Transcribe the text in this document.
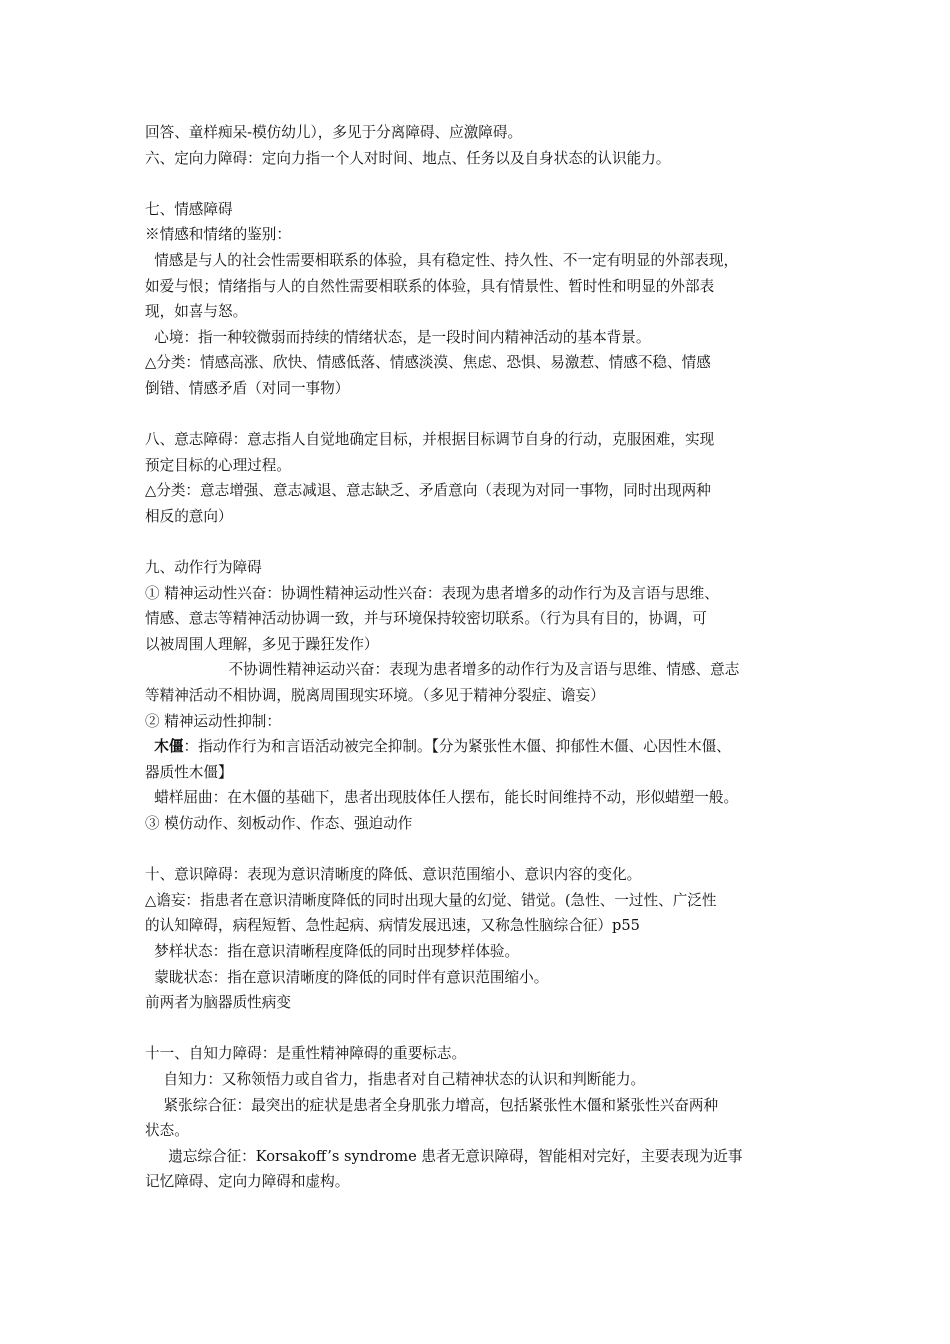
回答、童样痴呆-模仿幼儿），多见于分离障碍、应激障碍。
六、定向力障碍：定向力指一个人对时间、地点、任务以及自身状态的认识能力。
七、情感障碍
※情感和情绪的鉴别：
情感是与人的社会性需要相联系的体验，具有稳定性、持久性、不一定有明显的外部表现，
如爱与恨；情绪指与人的自然性需要相联系的体验，具有情景性、暂时性和明显的外部表
现，如喜与怒。
心境：指一种较微弱而持续的情绪状态，是一段时间内精神活动的基本背景。
△分类：情感高涨、欣快、情感低落、情感淡漠、焦虑、恐惧、易激惹、情感不稳、情感
倒错、情感矛盾（对同一事物）
八、意志障碍：意志指人自觉地确定目标，并根据目标调节自身的行动，克服困难，实现
预定目标的心理过程。
△分类：意志增强、意志减退、意志缺乏、矛盾意向（表现为对同一事物，同时出现两种
相反的意向）
九、动作行为障碍
① 精神运动性兴奋：协调性精神运动性兴奋：表现为患者增多的动作行为及言语与思维、
情感、意志等精神活动协调一致，并与环境保持较密切联系。（行为具有目的，协调，可
以被周围人理解，多见于躁狂发作）
不协调性精神运动兴奋：表现为患者增多的动作行为及言语与思维、情感、意志
等精神活动不相协调，脱离周围现实环境。（多见于精神分裂症、谵妄）
② 精神运动性抑制：
木僵：指动作行为和言语活动被完全抑制。【分为紧张性木僵、抑郁性木僵、心因性木僵、
器质性木僵】
蜡样屈曲：在木僵的基础下，患者出现肢体任人摆布，能长时间维持不动，形似蜡塑一般。
③ 模仿动作、刻板动作、作态、强迫动作
十、意识障碍：表现为意识清晰度的降低、意识范围缩小、意识内容的变化。
△谵妄：指患者在意识清晰度降低的同时出现大量的幻觉、错觉。(急性、一过性、广泛性
的认知障碍，病程短暂、急性起病、病情发展迅速，又称急性脑综合征）p55
梦样状态：指在意识清晰程度降低的同时出现梦样体验。
蒙眬状态：指在意识清晰度的降低的同时伴有意识范围缩小。
前两者为脑器质性病变
十一、自知力障碍：是重性精神障碍的重要标志。
自知力：又称领悟力或自省力，指患者对自己精神状态的认识和判断能力。
紧张综合征：最突出的症状是患者全身肌张力增高，包括紧张性木僵和紧张性兴奋两种
状态。
遗忘综合征：Korsakoff’s syndrome 患者无意识障碍，智能相对完好，主要表现为近事
记忆障碍、定向力障碍和虚构。
